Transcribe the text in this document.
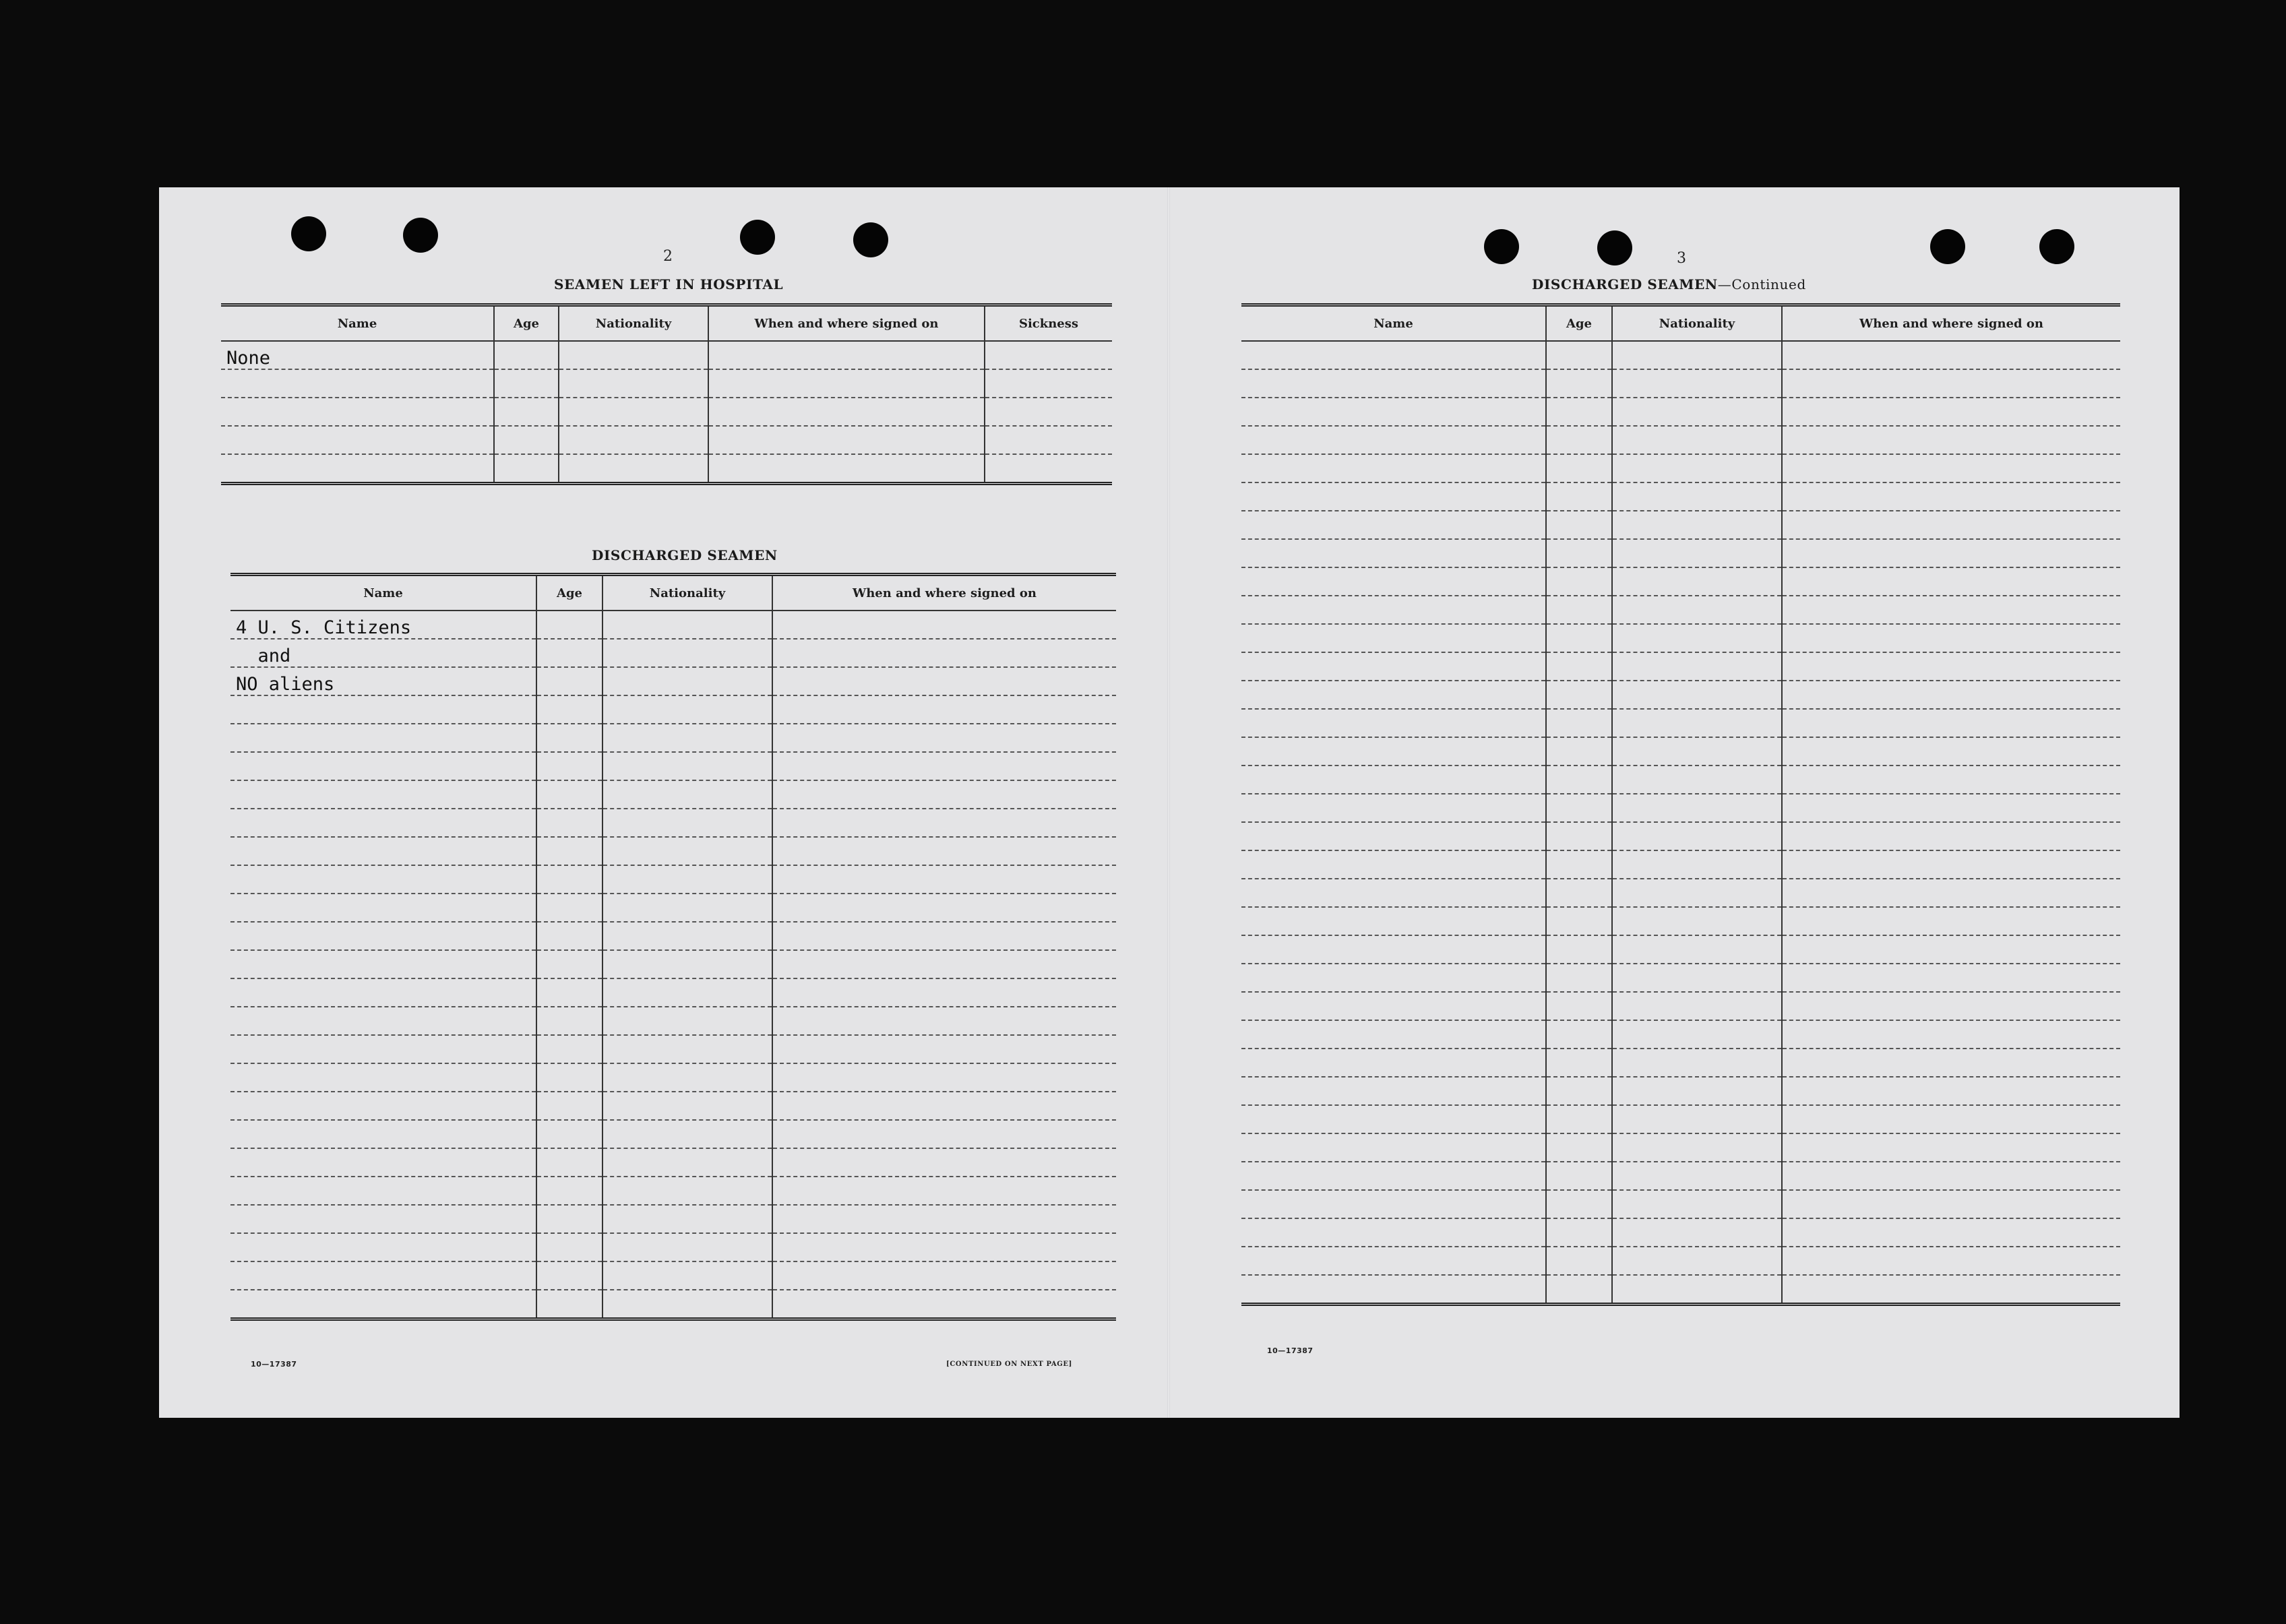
2
SEAMEN LEFT IN HOSPITAL
Name	Age	Nationality	When and where signed on	Sickness
None				

DISCHARGED SEAMEN
Name	Age	Nationality	When and where signed on
4 U. S. Citizens			
and			
NO aliens			

10—17387	[CONTINUED ON NEXT PAGE]
3
DISCHARGED SEAMEN—Continued
Name	Age	Nationality	When and where signed on

10—17387
